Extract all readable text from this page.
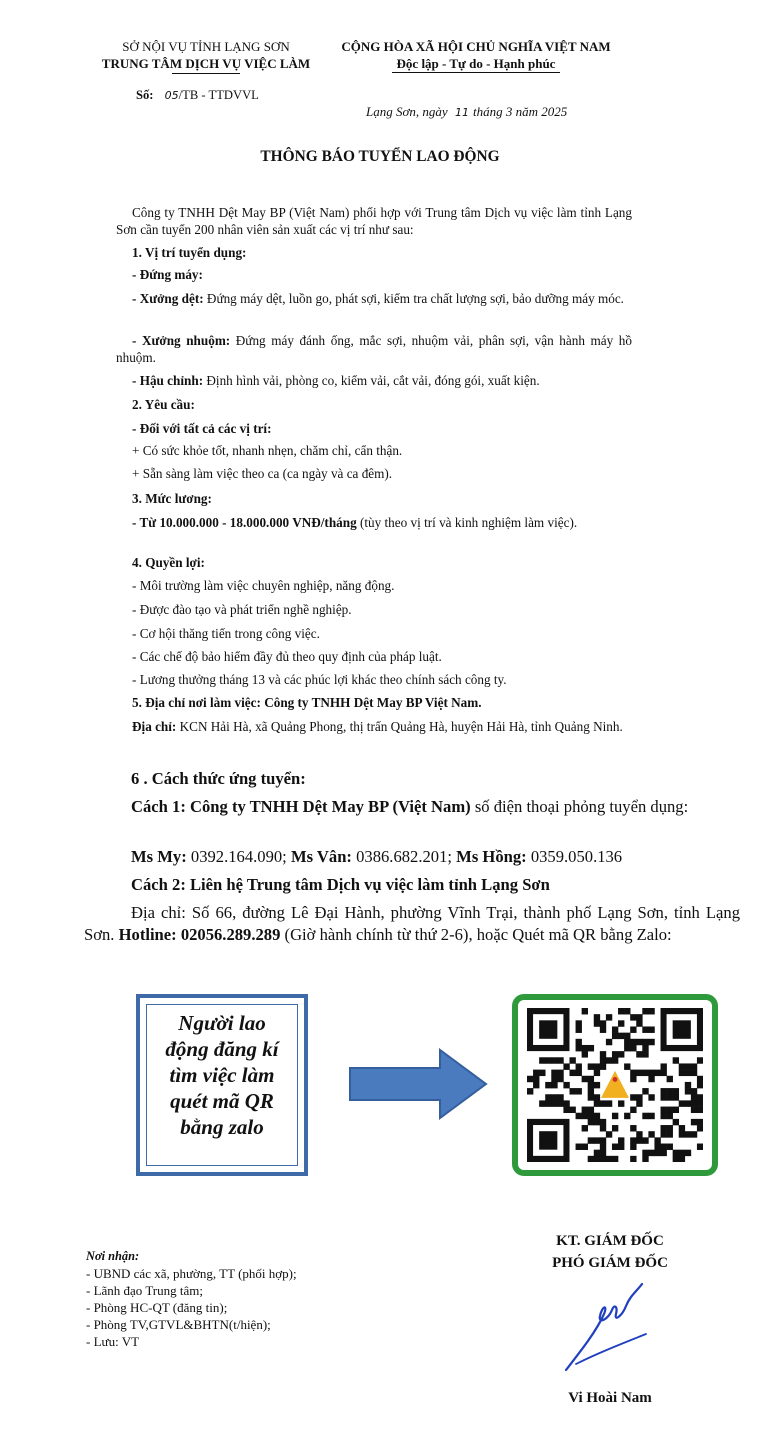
SỞ NỘI VỤ TỈNH LẠNG SƠN
TRUNG TÂM DỊCH VỤ VIỆC LÀM
Số: 05/TB - TTDVVL
CỘNG HÒA XÃ HỘI CHỦ NGHĨA VIỆT NAM
Độc lập - Tự do - Hạnh phúc
Lạng Sơn, ngày 11 tháng 3 năm 2025
THÔNG BÁO TUYỂN LAO ĐỘNG
Công ty TNHH Dệt May BP (Việt Nam) phối hợp với Trung tâm Dịch vụ việc làm tỉnh Lạng Sơn cần tuyển 200 nhân viên sản xuất các vị trí như sau:
1. Vị trí tuyển dụng:
- Đứng máy:
- Xưởng dệt: Đứng máy dệt, luồn go, phát sợi, kiểm tra chất lượng sợi, bảo dưỡng máy móc.
- Xưởng nhuộm: Đứng máy đánh ống, mắc sợi, nhuộm vải, phân sợi, vận hành máy hồ nhuộm.
- Hậu chỉnh: Định hình vải, phòng co, kiểm vải, cắt vải, đóng gói, xuất kiện.
2. Yêu cầu:
- Đối với tất cả các vị trí:
+ Có sức khỏe tốt, nhanh nhẹn, chăm chỉ, cẩn thận.
+ Sẵn sàng làm việc theo ca (ca ngày và ca đêm).
3. Mức lương:
- Từ 10.000.000 - 18.000.000 VNĐ/tháng (tùy theo vị trí và kinh nghiệm làm việc).
4. Quyền lợi:
- Môi trường làm việc chuyên nghiệp, năng động.
- Được đào tạo và phát triển nghề nghiệp.
- Cơ hội thăng tiến trong công việc.
- Các chế độ bảo hiểm đầy đủ theo quy định của pháp luật.
- Lương thưởng tháng 13 và các phúc lợi khác theo chính sách công ty.
5. Địa chỉ nơi làm việc: Công ty TNHH Dệt May BP Việt Nam.
Địa chỉ: KCN Hải Hà, xã Quảng Phong, thị trấn Quảng Hà, huyện Hải Hà, tỉnh Quảng Ninh.
6 . Cách thức ứng tuyển:
Cách 1: Công ty TNHH Dệt May BP (Việt Nam) số điện thoại phỏng tuyển dụng:
Ms My: 0392.164.090; Ms Vân: 0386.682.201; Ms Hồng: 0359.050.136
Cách 2: Liên hệ Trung tâm Dịch vụ việc làm tỉnh Lạng Sơn
Địa chỉ: Số 66, đường Lê Đại Hành, phường Vĩnh Trại, thành phố Lạng Sơn, tỉnh Lạng Sơn. Hotline: 02056.289.289 (Giờ hành chính từ thứ 2-6), hoặc Quét mã QR bằng Zalo:
Người lao
động đăng kí
tìm việc làm
quét mã QR
bằng zalo
Nơi nhận:
- UBND các xã, phường, TT (phối hợp);
- Lãnh đạo Trung tâm;
- Phòng HC-QT (đăng tin);
- Phòng TV,GTVL&BHTN(t/hiện);
- Lưu: VT
KT. GIÁM ĐỐC
PHÓ GIÁM ĐỐC
Vi Hoài Nam
